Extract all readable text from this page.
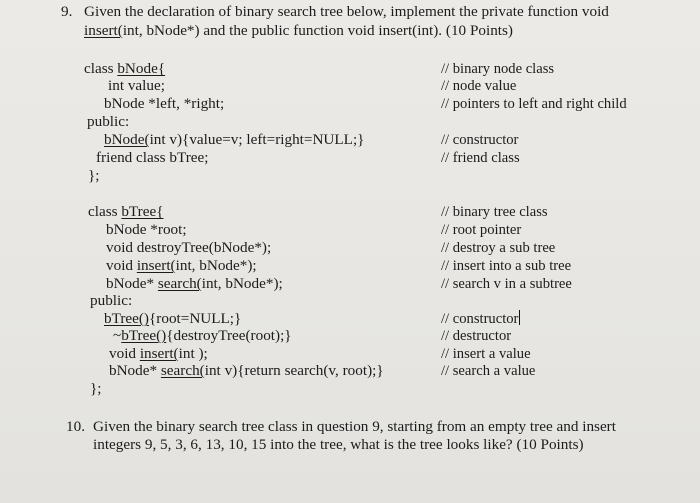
9. Given the declaration of binary search tree below, implement the private function void
insert(int, bNode*) and the public function void insert(int). (10 Points)
class bNode{
int value;
bNode *left, *right;
public:
bNode(int v){value=v; left=right=NULL;}
friend class bTree;
};
// binary node class
// node value
// pointers to left and right child
// constructor
// friend class
class bTree{
bNode *root;
void destroyTree(bNode*);
void insert(int, bNode*);
bNode* search(int, bNode*);
public:
bTree(){root=NULL;}
~bTree(){destroyTree(root);}
void insert(int );
bNode* search(int v){return search(v, root);}
};
// binary tree class
// root pointer
// destroy a sub tree
// insert into a sub tree
// search v in a subtree
// constructor
// destructor
// insert a value
// search a value
10. Given the binary search tree class in question 9, starting from an empty tree and insert
integers 9, 5, 3, 6, 13, 10, 15 into the tree, what is the tree looks like? (10 Points)
